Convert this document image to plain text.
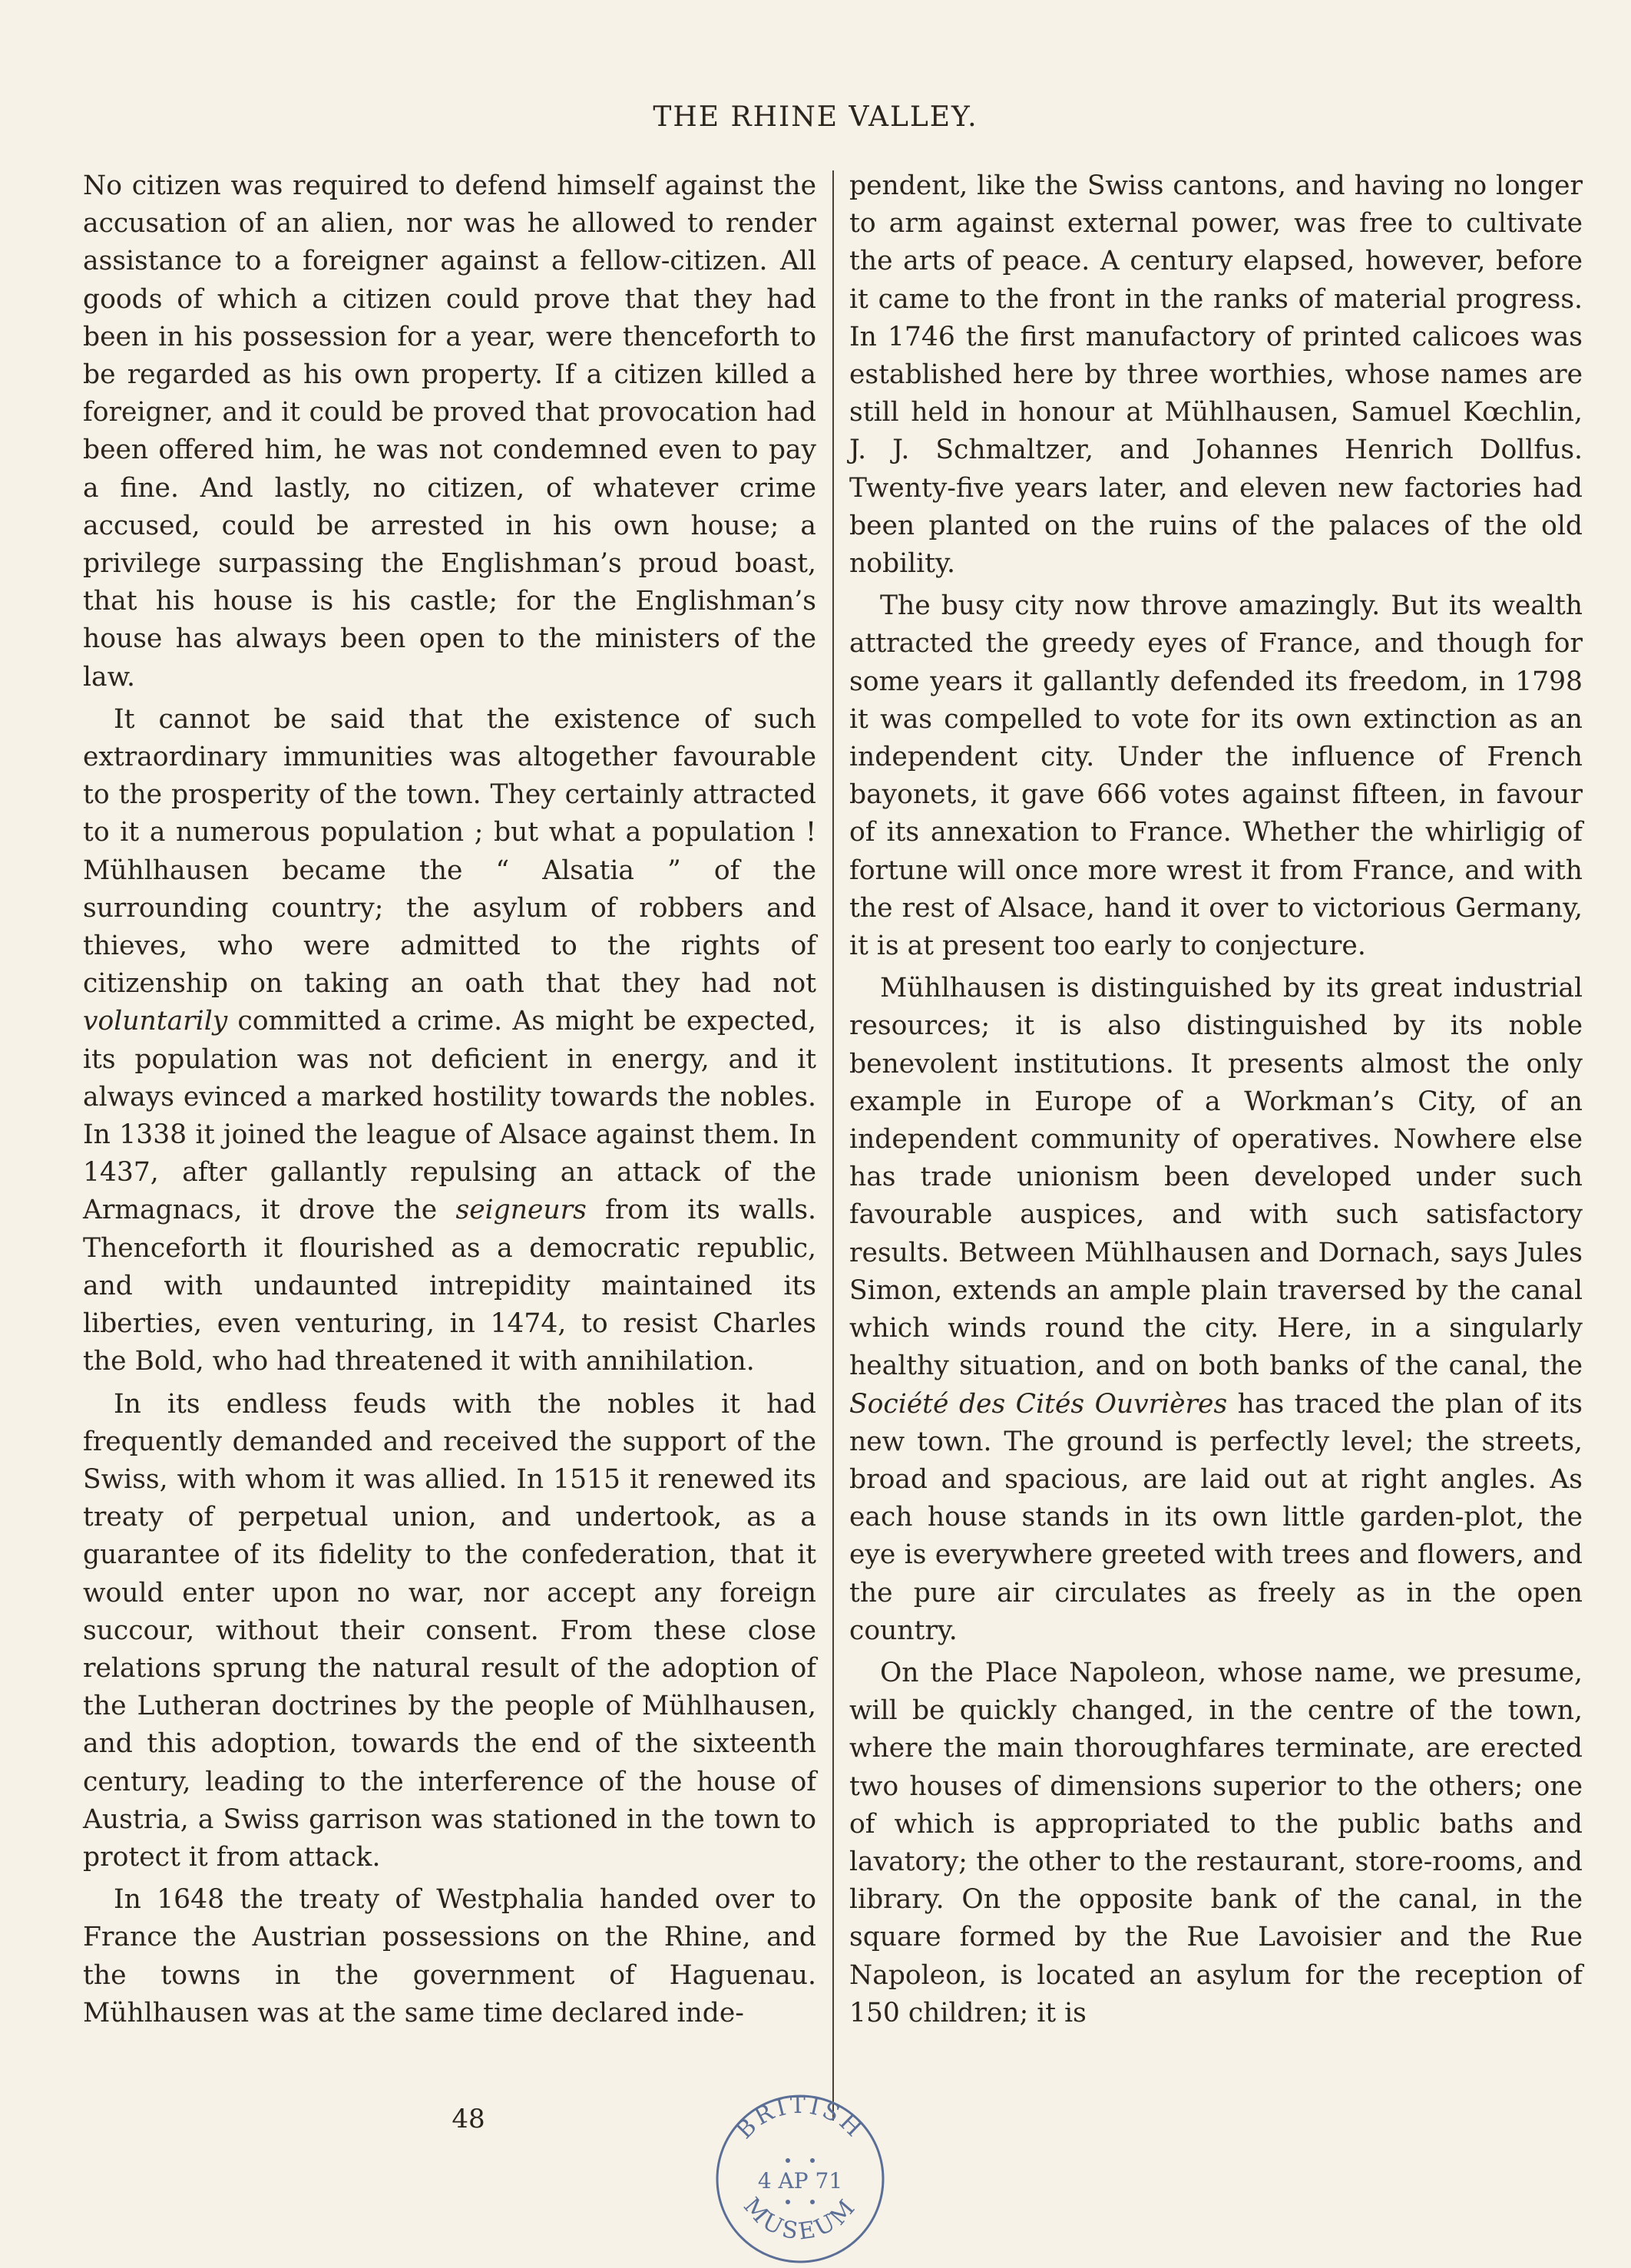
THE RHINE VALLEY.

No citizen was required to defend himself against the accusation of an alien, nor was he allowed to render assistance to a foreigner against a fellow-citizen. All goods of which a citizen could prove that they had been in his possession for a year, were thenceforth to be regarded as his own property. If a citizen killed a foreigner, and it could be proved that provocation had been offered him, he was not condemned even to pay a fine. And lastly, no citizen, of whatever crime accused, could be arrested in his own house; a privilege surpassing the Englishman’s proud boast, that his house is his castle; for the Englishman’s house has always been open to the ministers of the law.

It cannot be said that the existence of such extraordinary immunities was altogether favourable to the prosperity of the town. They certainly attracted to it a numerous population ; but what a population ! Mühlhausen became the “ Alsatia ” of the surrounding country; the asylum of robbers and thieves, who were admitted to the rights of citizenship on taking an oath that they had not voluntarily committed a crime. As might be expected, its population was not deficient in energy, and it always evinced a marked hostility towards the nobles. In 1338 it joined the league of Alsace against them. In 1437, after gallantly repulsing an attack of the Armagnacs, it drove the seigneurs from its walls. Thenceforth it flourished as a democratic republic, and with undaunted intrepidity maintained its liberties, even venturing, in 1474, to resist Charles the Bold, who had threatened it with annihilation.

In its endless feuds with the nobles it had frequently demanded and received the support of the Swiss, with whom it was allied. In 1515 it renewed its treaty of perpetual union, and undertook, as a guarantee of its fidelity to the confederation, that it would enter upon no war, nor accept any foreign succour, without their consent. From these close relations sprung the natural result of the adoption of the Lutheran doctrines by the people of Mühlhausen, and this adoption, towards the end of the sixteenth century, leading to the interference of the house of Austria, a Swiss garrison was stationed in the town to protect it from attack.

In 1648 the treaty of Westphalia handed over to France the Austrian possessions on the Rhine, and the towns in the government of Haguenau. Mühlhausen was at the same time declared inde-

pendent, like the Swiss cantons, and having no longer to arm against external power, was free to cultivate the arts of peace. A century elapsed, however, before it came to the front in the ranks of material progress. In 1746 the first manufactory of printed calicoes was established here by three worthies, whose names are still held in honour at Mühlhausen, Samuel Kœchlin, J. J. Schmaltzer, and Johannes Henrich Dollfus. Twenty-five years later, and eleven new factories had been planted on the ruins of the palaces of the old nobility.

The busy city now throve amazingly. But its wealth attracted the greedy eyes of France, and though for some years it gallantly defended its freedom, in 1798 it was compelled to vote for its own extinction as an independent city. Under the influence of French bayonets, it gave 666 votes against fifteen, in favour of its annexation to France. Whether the whirligig of fortune will once more wrest it from France, and with the rest of Alsace, hand it over to victorious Germany, it is at present too early to conjecture.

Mühlhausen is distinguished by its great industrial resources; it is also distinguished by its noble benevolent institutions. It presents almost the only example in Europe of a Workman’s City, of an independent community of operatives. Nowhere else has trade unionism been developed under such favourable auspices, and with such satisfactory results. Between Mühlhausen and Dornach, says Jules Simon, extends an ample plain traversed by the canal which winds round the city. Here, in a singularly healthy situation, and on both banks of the canal, the Société des Cités Ouvrières has traced the plan of its new town. The ground is perfectly level; the streets, broad and spacious, are laid out at right angles. As each house stands in its own little garden-plot, the eye is everywhere greeted with trees and flowers, and the pure air circulates as freely as in the open country.

On the Place Napoleon, whose name, we presume, will be quickly changed, in the centre of the town, where the main thoroughfares terminate, are erected two houses of dimensions superior to the others; one of which is appropriated to the public baths and lavatory; the other to the restaurant, store-rooms, and library. On the opposite bank of the canal, in the square formed by the Rue Lavoisier and the Rue Napoleon, is located an asylum for the reception of 150 children; it is

48	BRITISH
4 AP 71
MUSEUM
